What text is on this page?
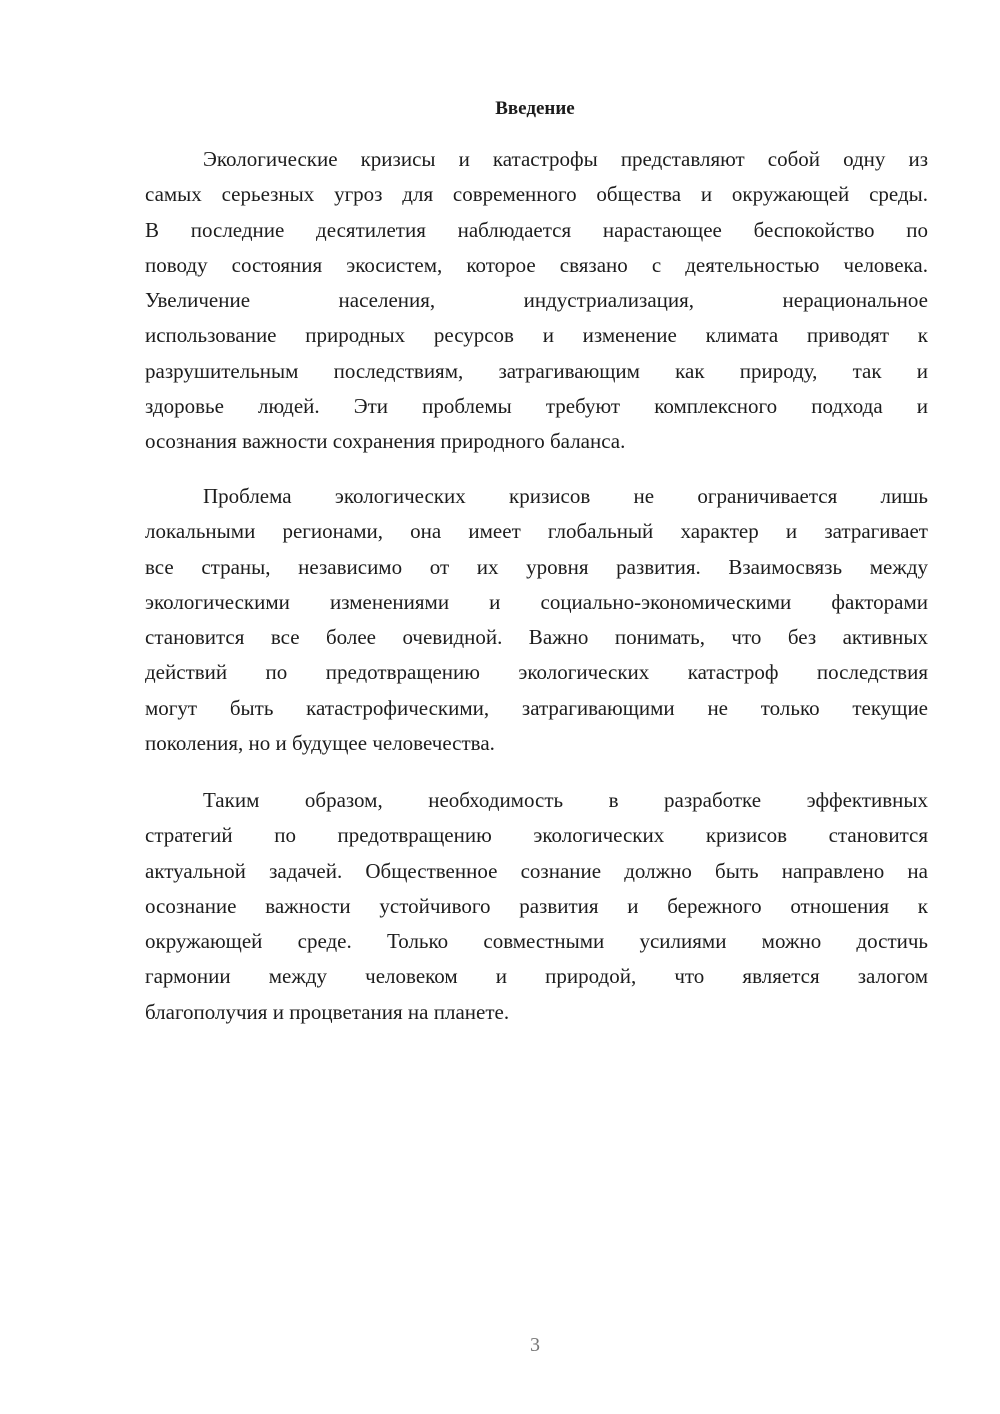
Введение
Экологические кризисы и катастрофы представляют собой одну из
самых серьезных угроз для современного общества и окружающей среды.
В последние десятилетия наблюдается нарастающее беспокойство по
поводу состояния экосистем, которое связано с деятельностью человека.
Увеличение населения, индустриализация, нерациональное
использование природных ресурсов и изменение климата приводят к
разрушительным последствиям, затрагивающим как природу, так и
здоровье людей. Эти проблемы требуют комплексного подхода и
осознания важности сохранения природного баланса.
Проблема экологических кризисов не ограничивается лишь
локальными регионами, она имеет глобальный характер и затрагивает
все страны, независимо от их уровня развития. Взаимосвязь между
экологическими изменениями и социально-экономическими факторами
становится все более очевидной. Важно понимать, что без активных
действий по предотвращению экологических катастроф последствия
могут быть катастрофическими, затрагивающими не только текущие
поколения, но и будущее человечества.
Таким образом, необходимость в разработке эффективных
стратегий по предотвращению экологических кризисов становится
актуальной задачей. Общественное сознание должно быть направлено на
осознание важности устойчивого развития и бережного отношения к
окружающей среде. Только совместными усилиями можно достичь
гармонии между человеком и природой, что является залогом
благополучия и процветания на планете.
3
